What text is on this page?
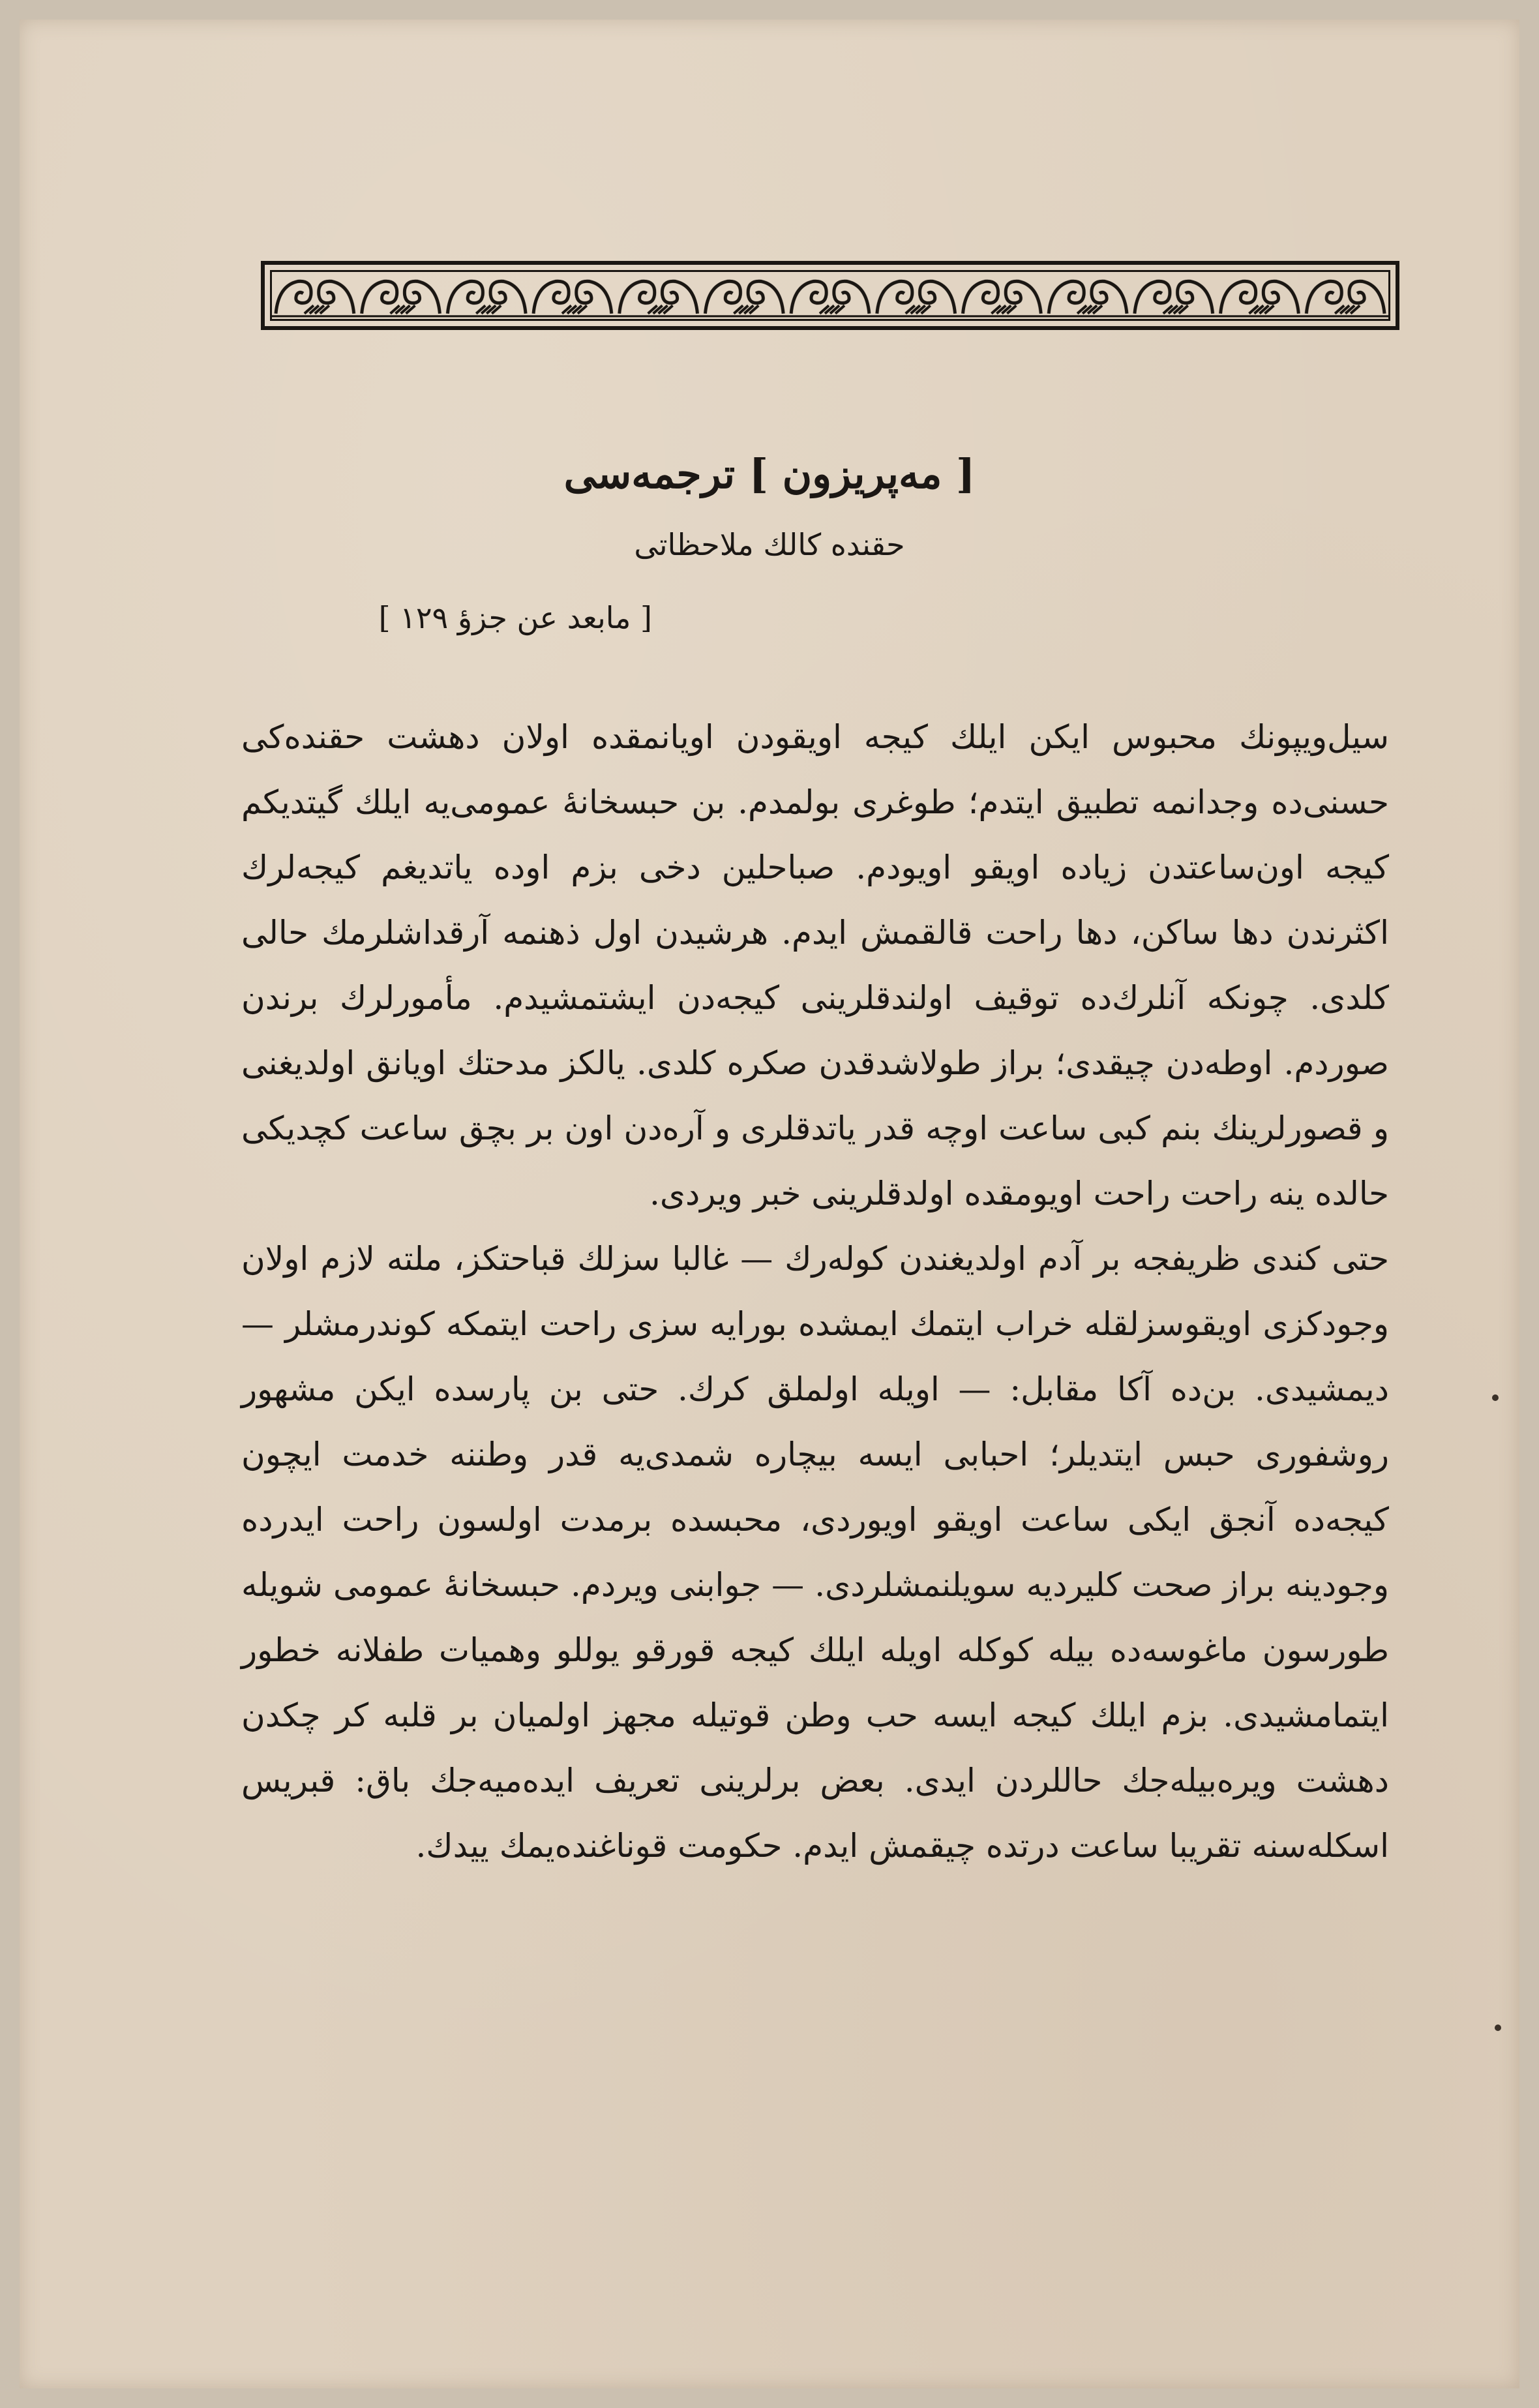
[ مه‌پریزون ] ترجمه‌سی
حقنده کالك ملاحظاتی
[ مابعد عن جزؤ ۱۲۹ ]

سیل‌ویپونك محبوس ایکن ایلك کیجه اویقودن اویانمقده اولان دهشت حقنده‌کی حسنی‌ده وجدانمه تطبیق ایتدم؛ طوغری بولمدم. بن حبسخانۀ عمومی‌یه ایلك گیتدیکم کیجه اون‌ساعتدن زیاده اویقو اویودم. صباحلین دخی بزم اوده یاتدیغم کیجه‌لرك اکثرندن دها ساکن، دها راحت قالقمش ایدم. هرشیدن اول ذهنمه آرقداشلرمك حالی کلدی. چونکه آنلرك‌ده توقیف اولندقلرینی کیجه‌دن ایشتمشیدم. مأمورلرك برندن صوردم. اوطه‌دن چیقدی؛ براز طولاشدقدن صکره کلدی. یالکز مدحتك اویانق اولدیغنی و قصورلرینك بنم کبی ساعت اوچه قدر یاتدقلری و آره‌دن اون بر بچق ساعت کچدیکی حالده ینه راحت راحت اویومقده اولدقلرینی خبر ویردی.

حتی کندی ظریفجه بر آدم اولدیغندن کوله‌رك — غالبا سزلك قباحتکز، ملته لازم اولان وجودکزی اویقوسزلقله خراب ایتمك ایمشده بورایه سزی راحت ایتمکه کوندرمشلر — دیمشیدی. بن‌ده آکا مقابل: — اویله اولملق کرك. حتی بن پارسده ایکن مشهور روشفوری حبس ایتدیلر؛ احبابی ایسه بیچاره شمدی‌یه قدر وطننه خدمت ایچون کیجه‌ده آنجق ایکی ساعت اویقو اویوردی، محبسده برمدت اولسون راحت ایدرده وجودینه براز صحت کلیردیه سویلنمشلردی. — جوابنی ویردم. حبسخانۀ عمومی شویله طورسون ماغوسه‌ده بیله کوکله اویله ایلك کیجه قورقو یوللو وهمیات طفلانه خطور ایتمامشیدی. بزم ایلك کیجه ایسه حب وطن قوتیله مجهز اولمیان بر قلبه کر چکدن دهشت ویره‌بیله‌جك حاللردن ایدی. بعض برلرینی تعریف ایده‌میه‌جك باق: قبریس اسکله‌سنه تقریبا ساعت درتده چیقمش ایدم. حکومت قوناغنده‌یمك ییدك.
